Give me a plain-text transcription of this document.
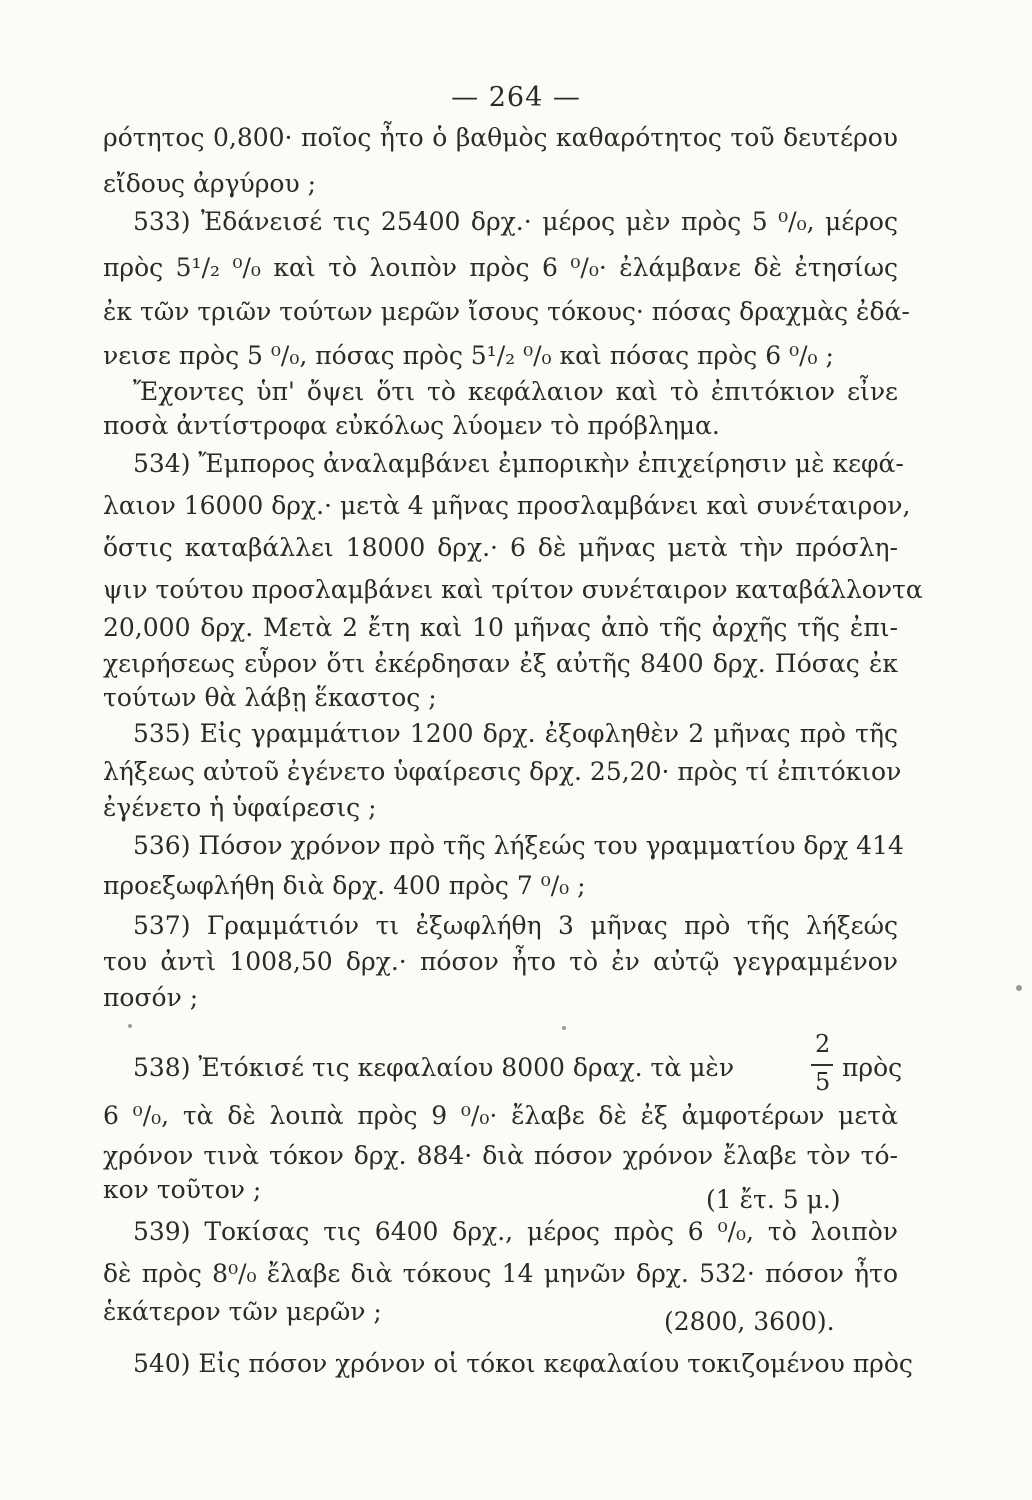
— 264 —
ρότητος 0,800· ποῖος ἦτο ὁ βαθμὸς καθαρότητος τοῦ δευτέρου
εἴδους ἀργύρου ;
533) Ἐδάνεισέ τις 25400 δρχ.· μέρος μὲν πρὸς 5 ⁰/₀, μέρος
πρὸς 5¹/₂ ⁰/₀ καὶ τὸ λοιπὸν πρὸς 6 ⁰/₀· ἐλάμβανε δὲ ἐτησίως
ἐκ τῶν τριῶν τούτων μερῶν ἴσους τόκους· πόσας δραχμὰς ἐδά-
νεισε πρὸς 5 ⁰/₀, πόσας πρὸς 5¹/₂ ⁰/₀ καὶ πόσας πρὸς 6 ⁰/₀ ;
Ἔχοντες ὑπ' ὄψει ὅτι τὸ κεφάλαιον καὶ τὸ ἐπιτόκιον εἶνε
ποσὰ ἀντίστροφα εὐκόλως λύομεν τὸ πρόβλημα.
534) Ἔμπορος ἀναλαμβάνει ἐμπορικὴν ἐπιχείρησιν μὲ κεφά-
λαιον 16000 δρχ.· μετὰ 4 μῆνας προσλαμβάνει καὶ συνέταιρον,
ὅστις καταβάλλει 18000 δρχ.· 6 δὲ μῆνας μετὰ τὴν πρόσλη-
ψιν τούτου προσλαμβάνει καὶ τρίτον συνέταιρον καταβάλλοντα
20,000 δρχ. Μετὰ 2 ἔτη καὶ 10 μῆνας ἀπὸ τῆς ἀρχῆς τῆς ἐπι-
χειρήσεως εὗρον ὅτι ἐκέρδησαν ἐξ αὐτῆς 8400 δρχ. Πόσας ἐκ
τούτων θὰ λάβῃ ἕκαστος ;
535) Εἰς γραμμάτιον 1200 δρχ. ἐξοφληθὲν 2 μῆνας πρὸ τῆς
λήξεως αὐτοῦ ἐγένετο ὑφαίρεσις δρχ. 25,20· πρὸς τί ἐπιτόκιον
ἐγένετο ἡ ὑφαίρεσις ;
536) Πόσον χρόνον πρὸ τῆς λήξεώς του γραμματίου δρχ 414
προεξωφλήθη διὰ δρχ. 400 πρὸς 7 ⁰/₀ ;
537) Γραμμάτιόν τι ἐξωφλήθη 3 μῆνας πρὸ τῆς λήξεώς
του ἀντὶ 1008,50 δρχ.· πόσον ἦτο τὸ ἐν αὐτῷ γεγραμμένον
ποσόν ;
538) Ἐτόκισέ τις κεφαλαίου 8000 δραχ. τὰ μὲν
2
5 πρὸς
6 ⁰/₀, τὰ δὲ λοιπὰ πρὸς 9 ⁰/₀· ἔλαβε δὲ ἐξ ἀμφοτέρων μετὰ
χρόνον τινὰ τόκον δρχ. 884· διὰ πόσον χρόνον ἔλαβε τὸν τό-
κον τοῦτον ;	(1 ἔτ. 5 μ.)
539) Τοκίσας τις 6400 δρχ., μέρος πρὸς 6 ⁰/₀, τὸ λοιπὸν
δὲ πρὸς 8⁰/₀ ἔλαβε διὰ τόκους 14 μηνῶν δρχ. 532· πόσον ἦτο
ἑκάτερον τῶν μερῶν ;	(2800, 3600).
540) Εἰς πόσον χρόνον οἱ τόκοι κεφαλαίου τοκιζομένου πρὸς
